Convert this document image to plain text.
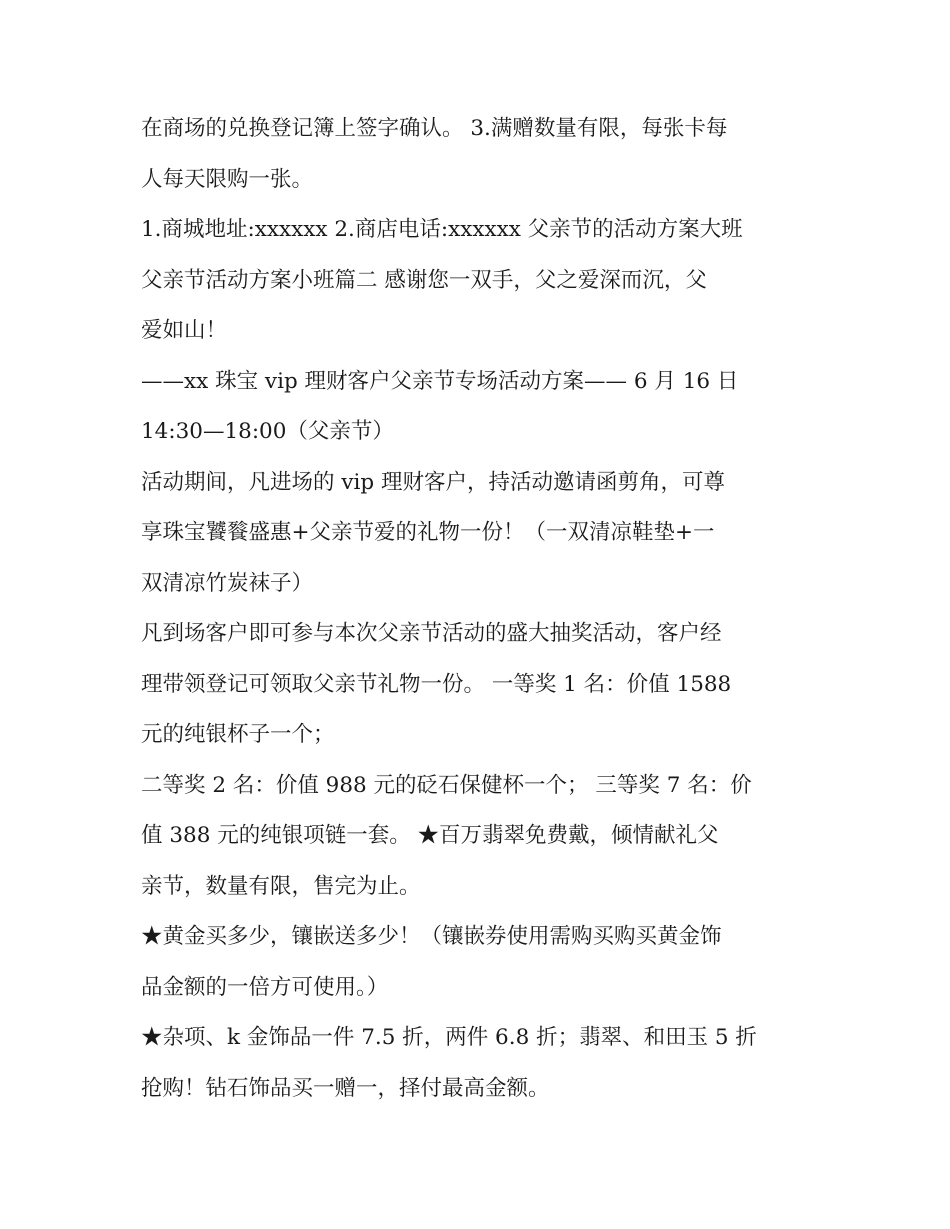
在商场的兑换登记簿上签字确认。 3.满赠数量有限，每张卡每
人每天限购一张。
1.商城地址:xxxxxx 2.商店电话:xxxxxx 父亲节的活动方案大班
父亲节活动方案小班篇二 感谢您一双手，父之爱深而沉，父
爱如山！
——xx 珠宝 vip 理财客户父亲节专场活动方案—— 6 月 16 日
14:30—18:00（父亲节）
活动期间，凡进场的 vip 理财客户，持活动邀请函剪角，可尊
享珠宝饕餮盛惠+父亲节爱的礼物一份！（一双清凉鞋垫+一
双清凉竹炭袜子）
凡到场客户即可参与本次父亲节活动的盛大抽奖活动，客户经
理带领登记可领取父亲节礼物一份。 一等奖 1 名：价值 1588
元的纯银杯子一个；
二等奖 2 名：价值 988 元的砭石保健杯一个； 三等奖 7 名：价
值 388 元的纯银项链一套。 ★百万翡翠免费戴，倾情献礼父
亲节，数量有限，售完为止。
★黄金买多少，镶嵌送多少！（镶嵌券使用需购买购买黄金饰
品金额的一倍方可使用。）
★杂项、k 金饰品一件 7.5 折，两件 6.8 折；翡翠、和田玉 5 折
抢购！钻石饰品买一赠一，择付最高金额。
